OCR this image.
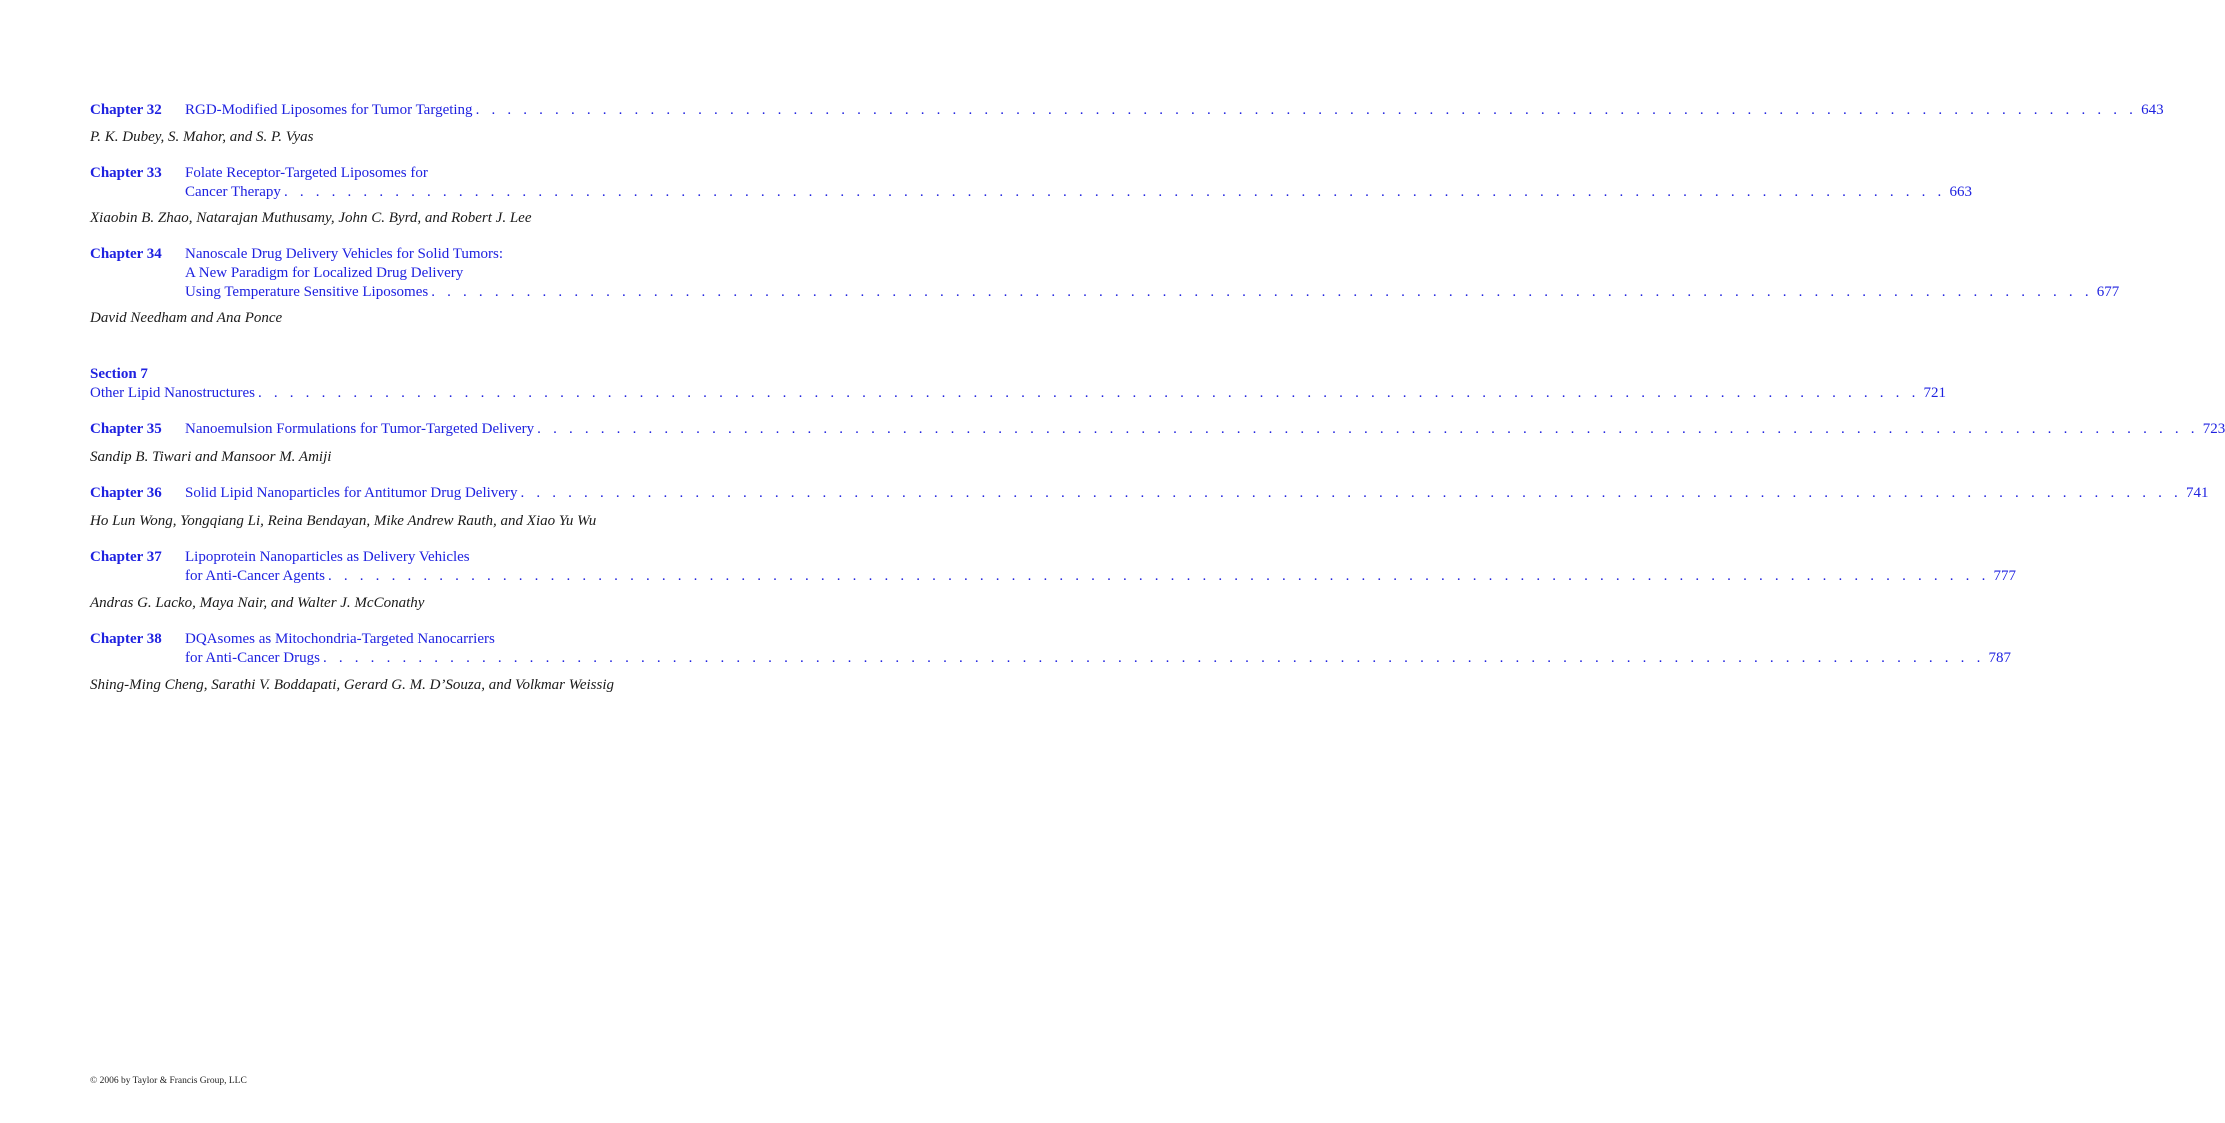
Chapter 32 RGD-Modified Liposomes for Tumor Targeting . . . . . . . . . . . . . . . . . . . . . . . . . . . . . . . . . . . . . . . . . . . . . . . . . . . . . . . . . . . . . . . . . . . . . . . . . . . . . . . . . . . . . . . . . . . . . . . . . . . . . . . . . 643
P. K. Dubey, S. Mahor, and S. P. Vyas
Chapter 33 Folate Receptor-Targeted Liposomes for
Cancer Therapy . . . . . . . . . . . . . . . . . . . . . . . . . . . . . . . . . . . . . . . . . . . . . . . . . . . . . . . . . . . . . . . . . . . . . . . . . . . . . . . . . . . . . . . . . . . . . . . . . . . . . . . . . 663
Xiaobin B. Zhao, Natarajan Muthusamy, John C. Byrd, and Robert J. Lee
Chapter 34 Nanoscale Drug Delivery Vehicles for Solid Tumors:
A New Paradigm for Localized Drug Delivery
Using Temperature Sensitive Liposomes . . . . . . . . . . . . . . . . . . . . . . . . . . . . . . . . . . . . . . . . . . . . . . . . . . . . . . . . . . . . . . . . . . . . . . . . . . . . . . . . . . . . . . . . . . . . . . . . . . . . . . . . . 677
David Needham and Ana Ponce
Section 7
Other Lipid Nanostructures . . . . . . . . . . . . . . . . . . . . . . . . . . . . . . . . . . . . . . . . . . . . . . . . . . . . . . . . . . . . . . . . . . . . . . . . . . . . . . . . . . . . . . . . . . . . . . . . . . . . . . . . . 721
Chapter 35 Nanoemulsion Formulations for Tumor-Targeted Delivery . . . . . . . . . . . . . . . . . . . . . . . . . . . . . . . . . . . . . . . . . . . . . . . . . . . . . . . . . . . . . . . . . . . . . . . . . . . . . . . . . . . . . . . . . . . . . . . . . . . . . . . . . 723
Sandip B. Tiwari and Mansoor M. Amiji
Chapter 36 Solid Lipid Nanoparticles for Antitumor Drug Delivery . . . . . . . . . . . . . . . . . . . . . . . . . . . . . . . . . . . . . . . . . . . . . . . . . . . . . . . . . . . . . . . . . . . . . . . . . . . . . . . . . . . . . . . . . . . . . . . . . . . . . . . . . 741
Ho Lun Wong, Yongqiang Li, Reina Bendayan, Mike Andrew Rauth, and Xiao Yu Wu
Chapter 37 Lipoprotein Nanoparticles as Delivery Vehicles
for Anti-Cancer Agents . . . . . . . . . . . . . . . . . . . . . . . . . . . . . . . . . . . . . . . . . . . . . . . . . . . . . . . . . . . . . . . . . . . . . . . . . . . . . . . . . . . . . . . . . . . . . . . . . . . . . . . . . 777
Andras G. Lacko, Maya Nair, and Walter J. McConathy
Chapter 38 DQAsomes as Mitochondria-Targeted Nanocarriers
for Anti-Cancer Drugs . . . . . . . . . . . . . . . . . . . . . . . . . . . . . . . . . . . . . . . . . . . . . . . . . . . . . . . . . . . . . . . . . . . . . . . . . . . . . . . . . . . . . . . . . . . . . . . . . . . . . . . . . 787
Shing-Ming Cheng, Sarathi V. Boddapati, Gerard G. M. D’Souza, and Volkmar Weissig
© 2006 by Taylor & Francis Group, LLC
